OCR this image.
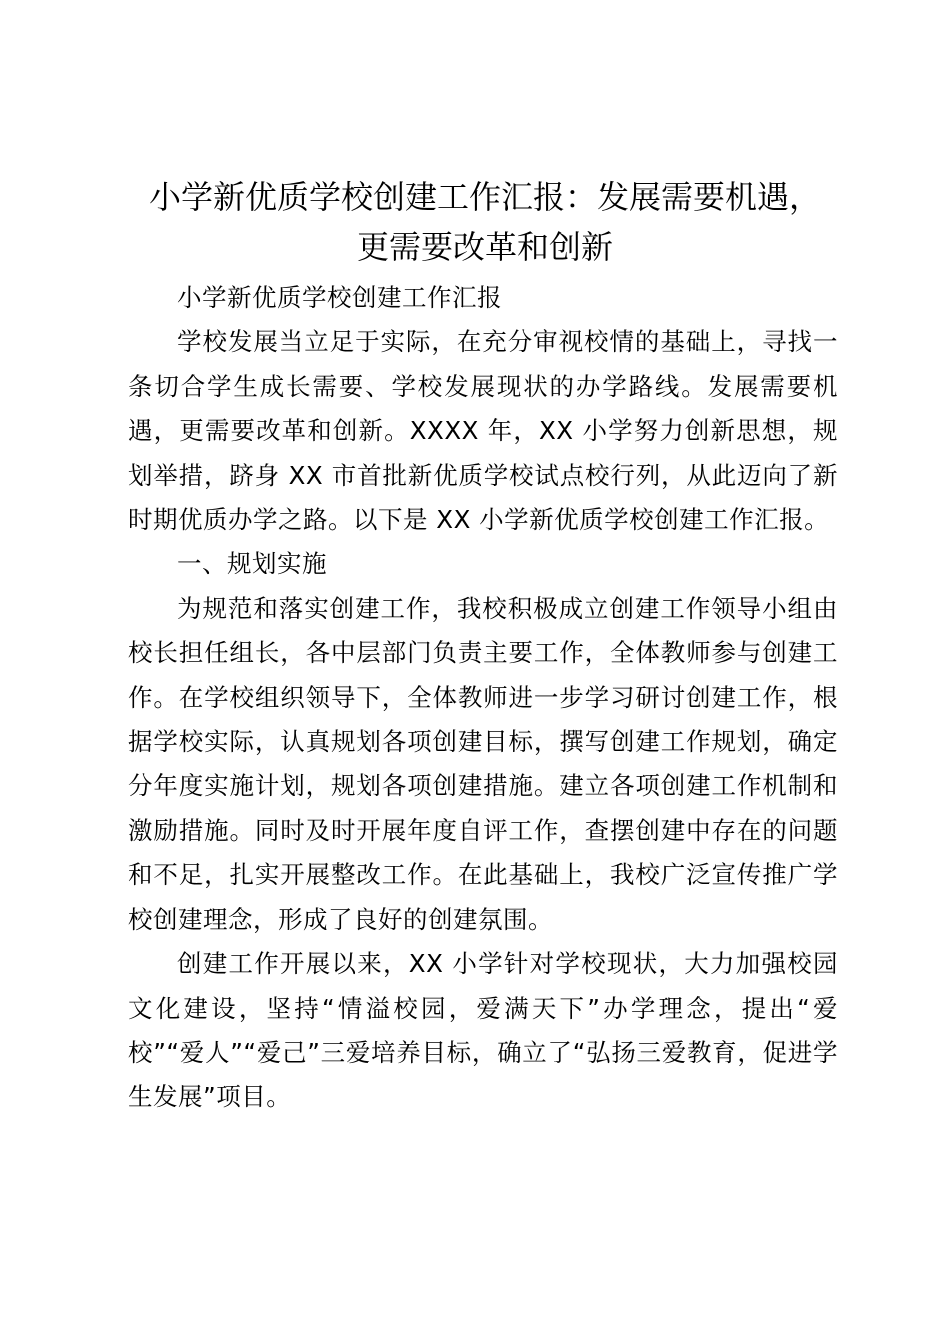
小学新优质学校创建工作汇报：发展需要机遇，
更需要改革和创新

小学新优质学校创建工作汇报

学校发展当立足于实际，在充分审视校情的基础上，寻找一条切合学生成长需要、学校发展现状的办学路线。发展需要机遇，更需要改革和创新。XXXX 年，XX 小学努力创新思想，规划举措，跻身 XX 市首批新优质学校试点校行列，从此迈向了新时期优质办学之路。以下是 XX 小学新优质学校创建工作汇报。

一、规划实施

为规范和落实创建工作，我校积极成立创建工作领导小组由校长担任组长，各中层部门负责主要工作，全体教师参与创建工作。在学校组织领导下，全体教师进一步学习研讨创建工作，根据学校实际，认真规划各项创建目标，撰写创建工作规划，确定分年度实施计划，规划各项创建措施。建立各项创建工作机制和激励措施。同时及时开展年度自评工作，查摆创建中存在的问题和不足，扎实开展整改工作。在此基础上，我校广泛宣传推广学校创建理念，形成了良好的创建氛围。

创建工作开展以来，XX 小学针对学校现状，大力加强校园文化建设，坚持“情溢校园，爱满天下”办学理念，提出“爱校”“爱人”“爱己”三爱培养目标，确立了“弘扬三爱教育，促进学生发展”项目。
